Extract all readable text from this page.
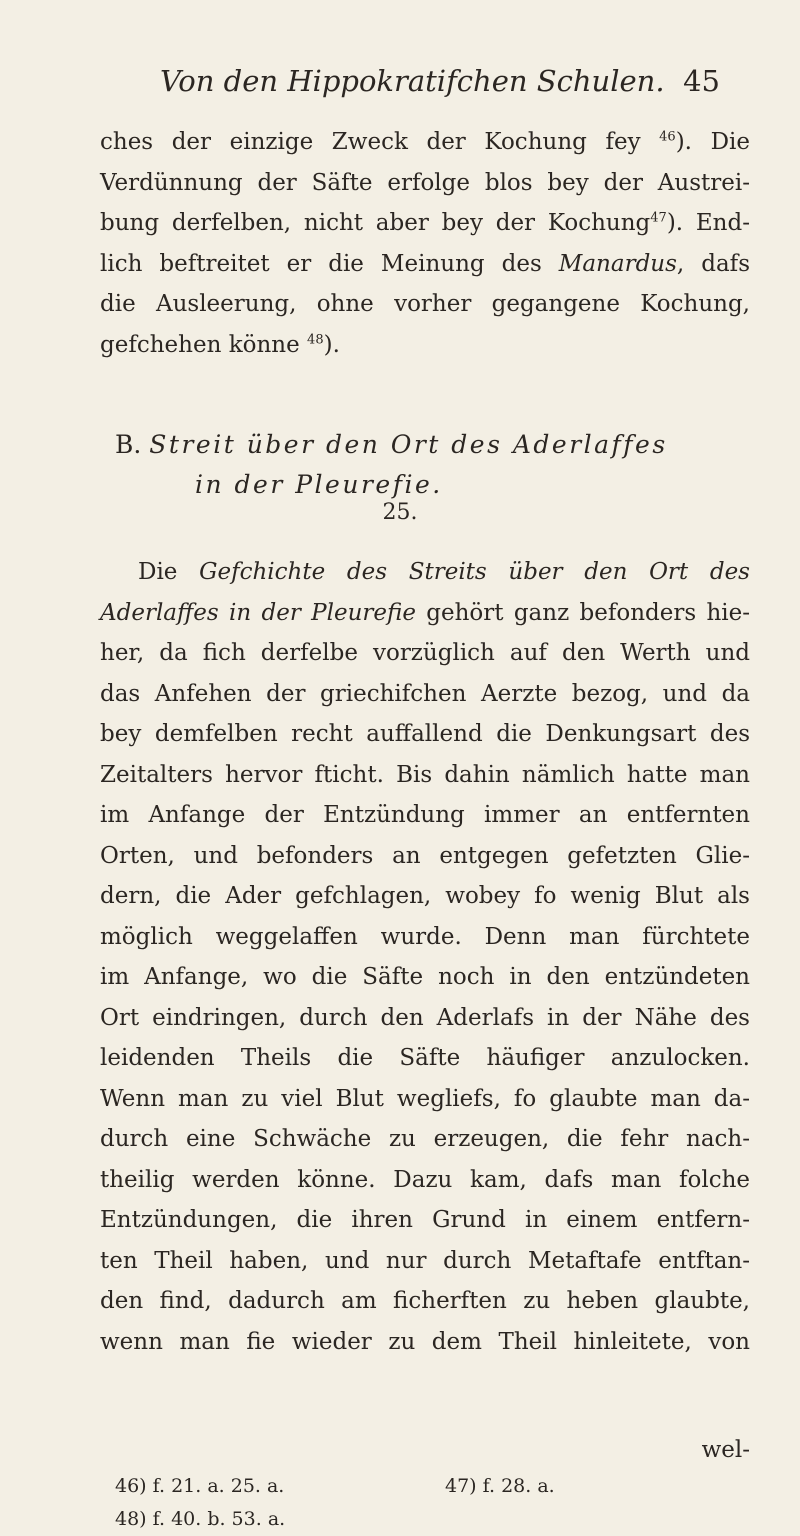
Von den Hippokratifchen Schulen. 45
ches der einzige Zweck der Kochung fey $^{46}$). Die
Verdünnung der Säfte erfolge blos bey der Austrei-
bung derfelben, nicht aber bey der Kochung$^{47}$). End-
lich beftreitet er die Meinung des Manardus, dafs
die Ausleerung, ohne vorher gegangene Kochung,
gefchehen könne $^{48}$).
B. Streit über den Ort des Aderlaffes
in der Pleurefie.
25.
Die Gefchichte des Streits über den Ort des
Aderlaffes in der Pleurefie gehört ganz befonders hie-
her, da fich derfelbe vorzüglich auf den Werth und
das Anfehen der griechifchen Aerzte bezog, und da
bey demfelben recht auffallend die Denkungsart des
Zeitalters hervor fticht. Bis dahin nämlich hatte man
im Anfange der Entzündung immer an entfernten
Orten, und befonders an entgegen gefetzten Glie-
dern, die Ader gefchlagen, wobey fo wenig Blut als
möglich weggelaffen wurde. Denn man fürchtete
im Anfange, wo die Säfte noch in den entzündeten
Ort eindringen, durch den Aderlafs in der Nähe des
leidenden Theils die Säfte häufiger anzulocken.
Wenn man zu viel Blut wegliefs, fo glaubte man da-
durch eine Schwäche zu erzeugen, die fehr nach-
theilig werden könne. Dazu kam, dafs man folche
Entzündungen, die ihren Grund in einem entfern-
ten Theil haben, und nur durch Metaftafe entftan-
den find, dadurch am ficherften zu heben glaubte,
wenn man fie wieder zu dem Theil hinleitete, von
wel-
46) f. 21. a. 25. a.	47) f. 28. a.
48) f. 40. b. 53. a.
